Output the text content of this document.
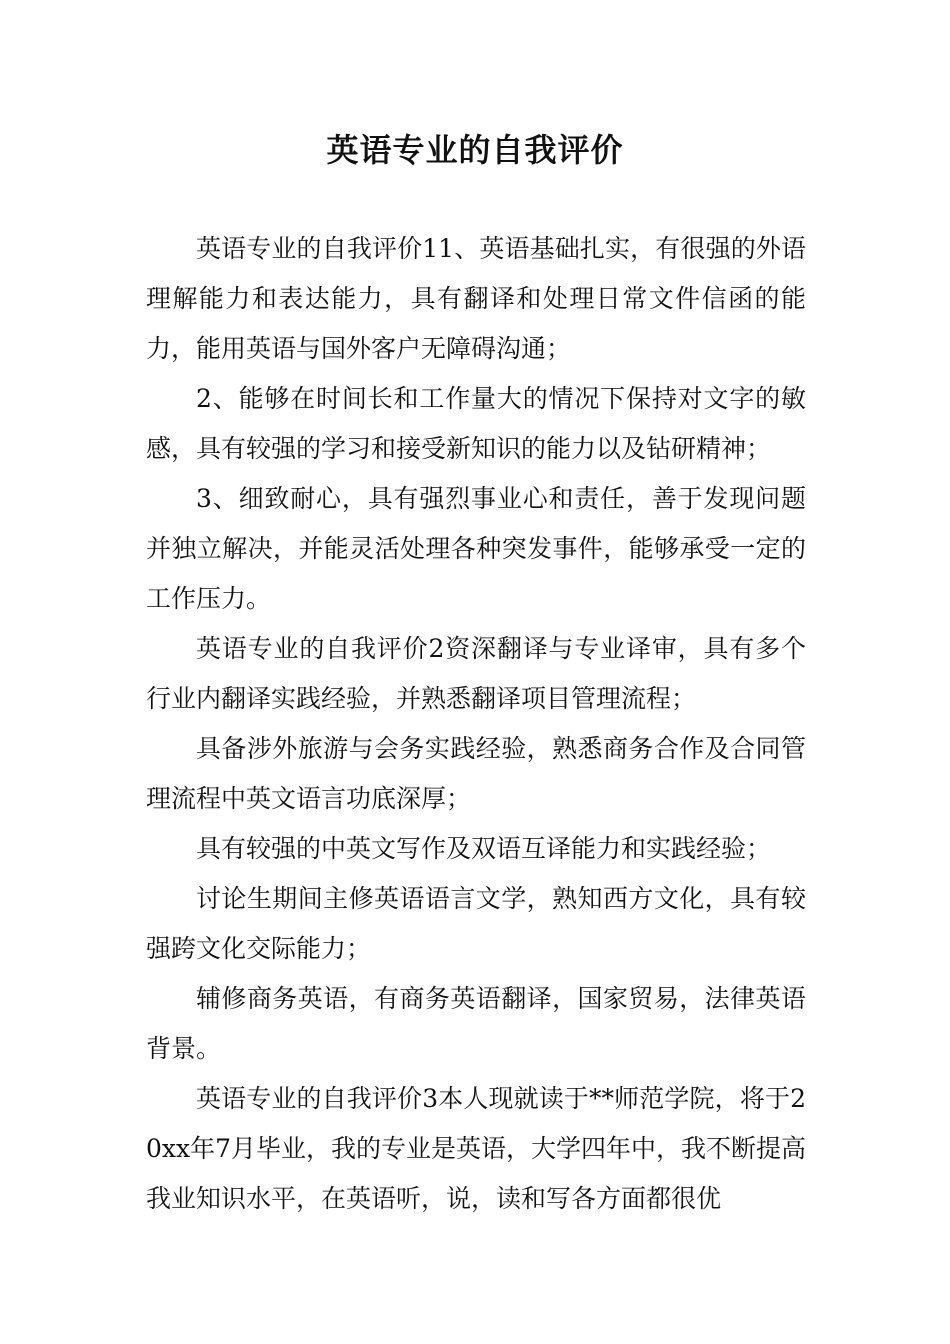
英语专业的自我评价

英语专业的自我评价11、英语基础扎实，有很强的外语理解能力和表达能力，具有翻译和处理日常文件信函的能力，能用英语与国外客户无障碍沟通；

2、能够在时间长和工作量大的情况下保持对文字的敏感，具有较强的学习和接受新知识的能力以及钻研精神；

3、细致耐心，具有强烈事业心和责任，善于发现问题并独立解决，并能灵活处理各种突发事件，能够承受一定的工作压力。

英语专业的自我评价2资深翻译与专业译审，具有多个行业内翻译实践经验，并熟悉翻译项目管理流程；

具备涉外旅游与会务实践经验，熟悉商务合作及合同管理流程中英文语言功底深厚；

具有较强的中英文写作及双语互译能力和实践经验；

讨论生期间主修英语语言文学，熟知西方文化，具有较强跨文化交际能力；

辅修商务英语，有商务英语翻译，国家贸易，法律英语背景。

英语专业的自我评价3本人现就读于**师范学院，将于20xx年7月毕业，我的专业是英语，大学四年中，我不断提高我业知识水平，在英语听，说，读和写各方面都很优
